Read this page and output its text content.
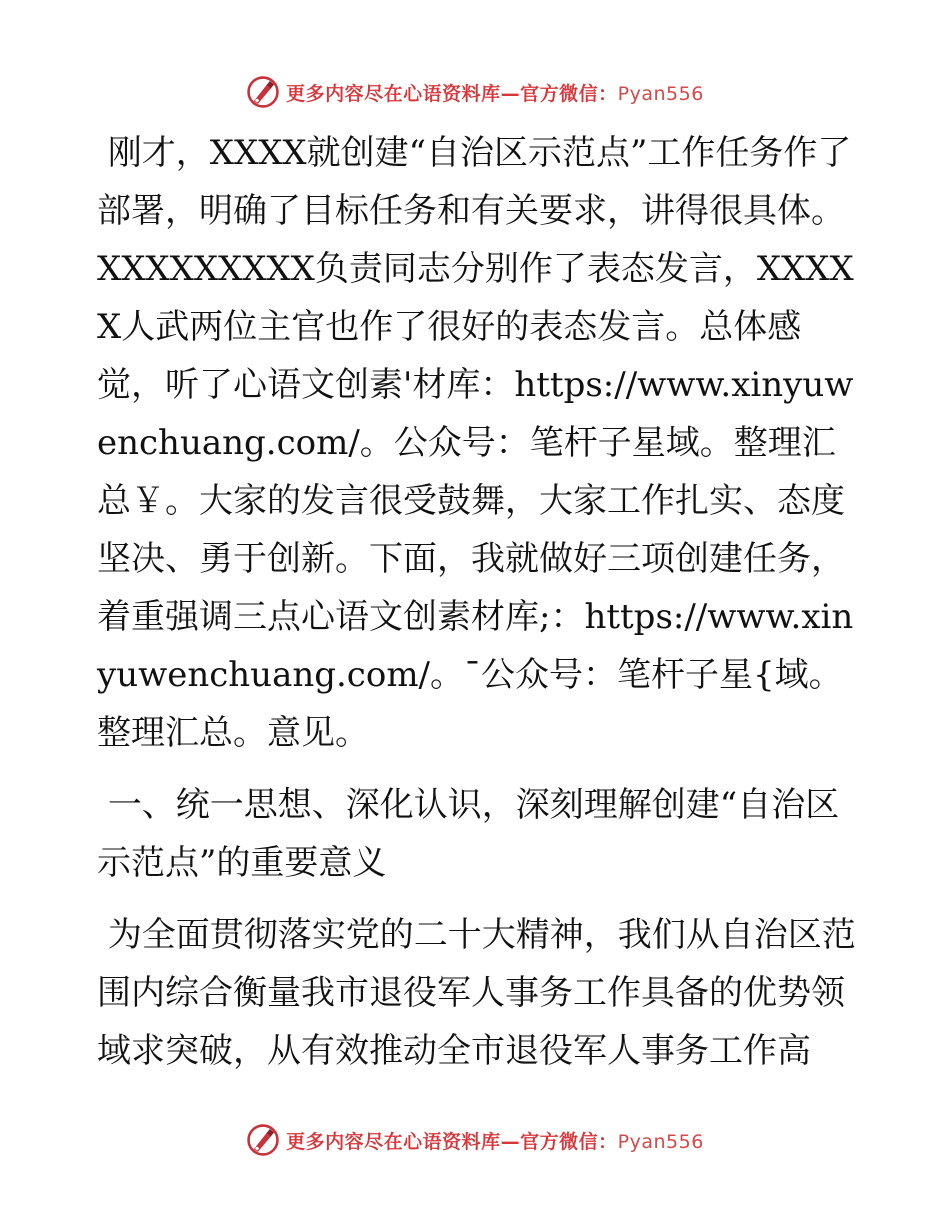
更多内容尽在心语资料库—官方微信：Pyan556

刚才，XXXX就创建“自治区示范点”工作任务作了部署，明确了目标任务和有关要求，讲得很具体。XXXXXXXXX负责同志分别作了表态发言，XXXXX人武两位主官也作了很好的表态发言。总体感觉，听了心语文创素'材库：https://www.xinyuwenchuang.com/。公众号：笔杆子星域。整理汇总￥。大家的发言很受鼓舞，大家工作扎实、态度坚决、勇于创新。下面，我就做好三项创建任务，着重强调三点心语文创素材库;：https://www.xinyuwenchuang.com/。¯公众号：笔杆子星{域。整理汇总。意见。

一、统一思想、深化认识，深刻理解创建“自治区示范点”的重要意义

为全面贯彻落实党的二十大精神，我们从自治区范围内综合衡量我市退役军人事务工作具备的优势领域求突破，从有效推动全市退役军人事务工作高

更多内容尽在心语资料库—官方微信：Pyan556
